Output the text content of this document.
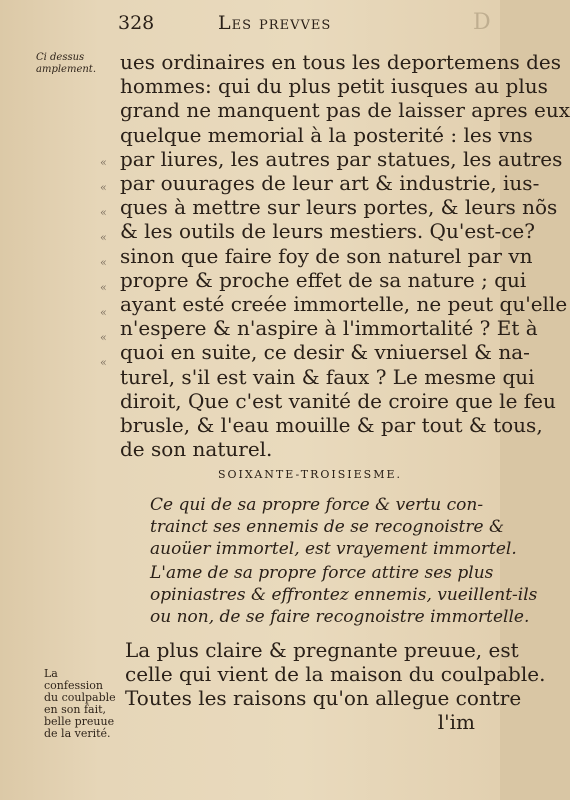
328	Les prevves	D
Ci dessus amplement.
«
«
«
«
«
«
«
«
«
ues ordinaires en tous les deportemens des
hommes: qui du plus petit iusques au plus
grand ne manquent pas de laisser apres eux
quelque memorial à la posterité : les vns
par liures, les autres par statues, les autres
par ouurages de leur art & industrie, ius-
ques à mettre sur leurs portes, & leurs nõs
& les outils de leurs mestiers. Qu'est-ce?
sinon que faire foy de son naturel par vn
propre & proche effet de sa nature ; qui
ayant esté creée immortelle, ne peut qu'elle
n'espere & n'aspire à l'immortalité ? Et à
quoi en suite, ce desir & vniuersel & na-
turel, s'il est vain & faux ? Le mesme qui
diroit, Que c'est vanité de croire que le feu
brusle, & l'eau mouille & par tout & tous,
de son naturel.
SOIXANTE-TROISIESME.
Ce qui de sa propre force & vertu con-
trainct ses ennemis de se recognoistre &
auoüer immortel, est vrayement immortel.
L'ame de sa propre force attire ses plus
opiniastres & effrontez ennemis, vueillent-ils
ou non, de se faire recognoistre immortelle.
La confession du coulpable en son fait, belle preuue de la verité.
La plus claire & pregnante preuue, est
celle qui vient de la maison du coulpable.
Toutes les raisons qu'on allegue contre
l'im
